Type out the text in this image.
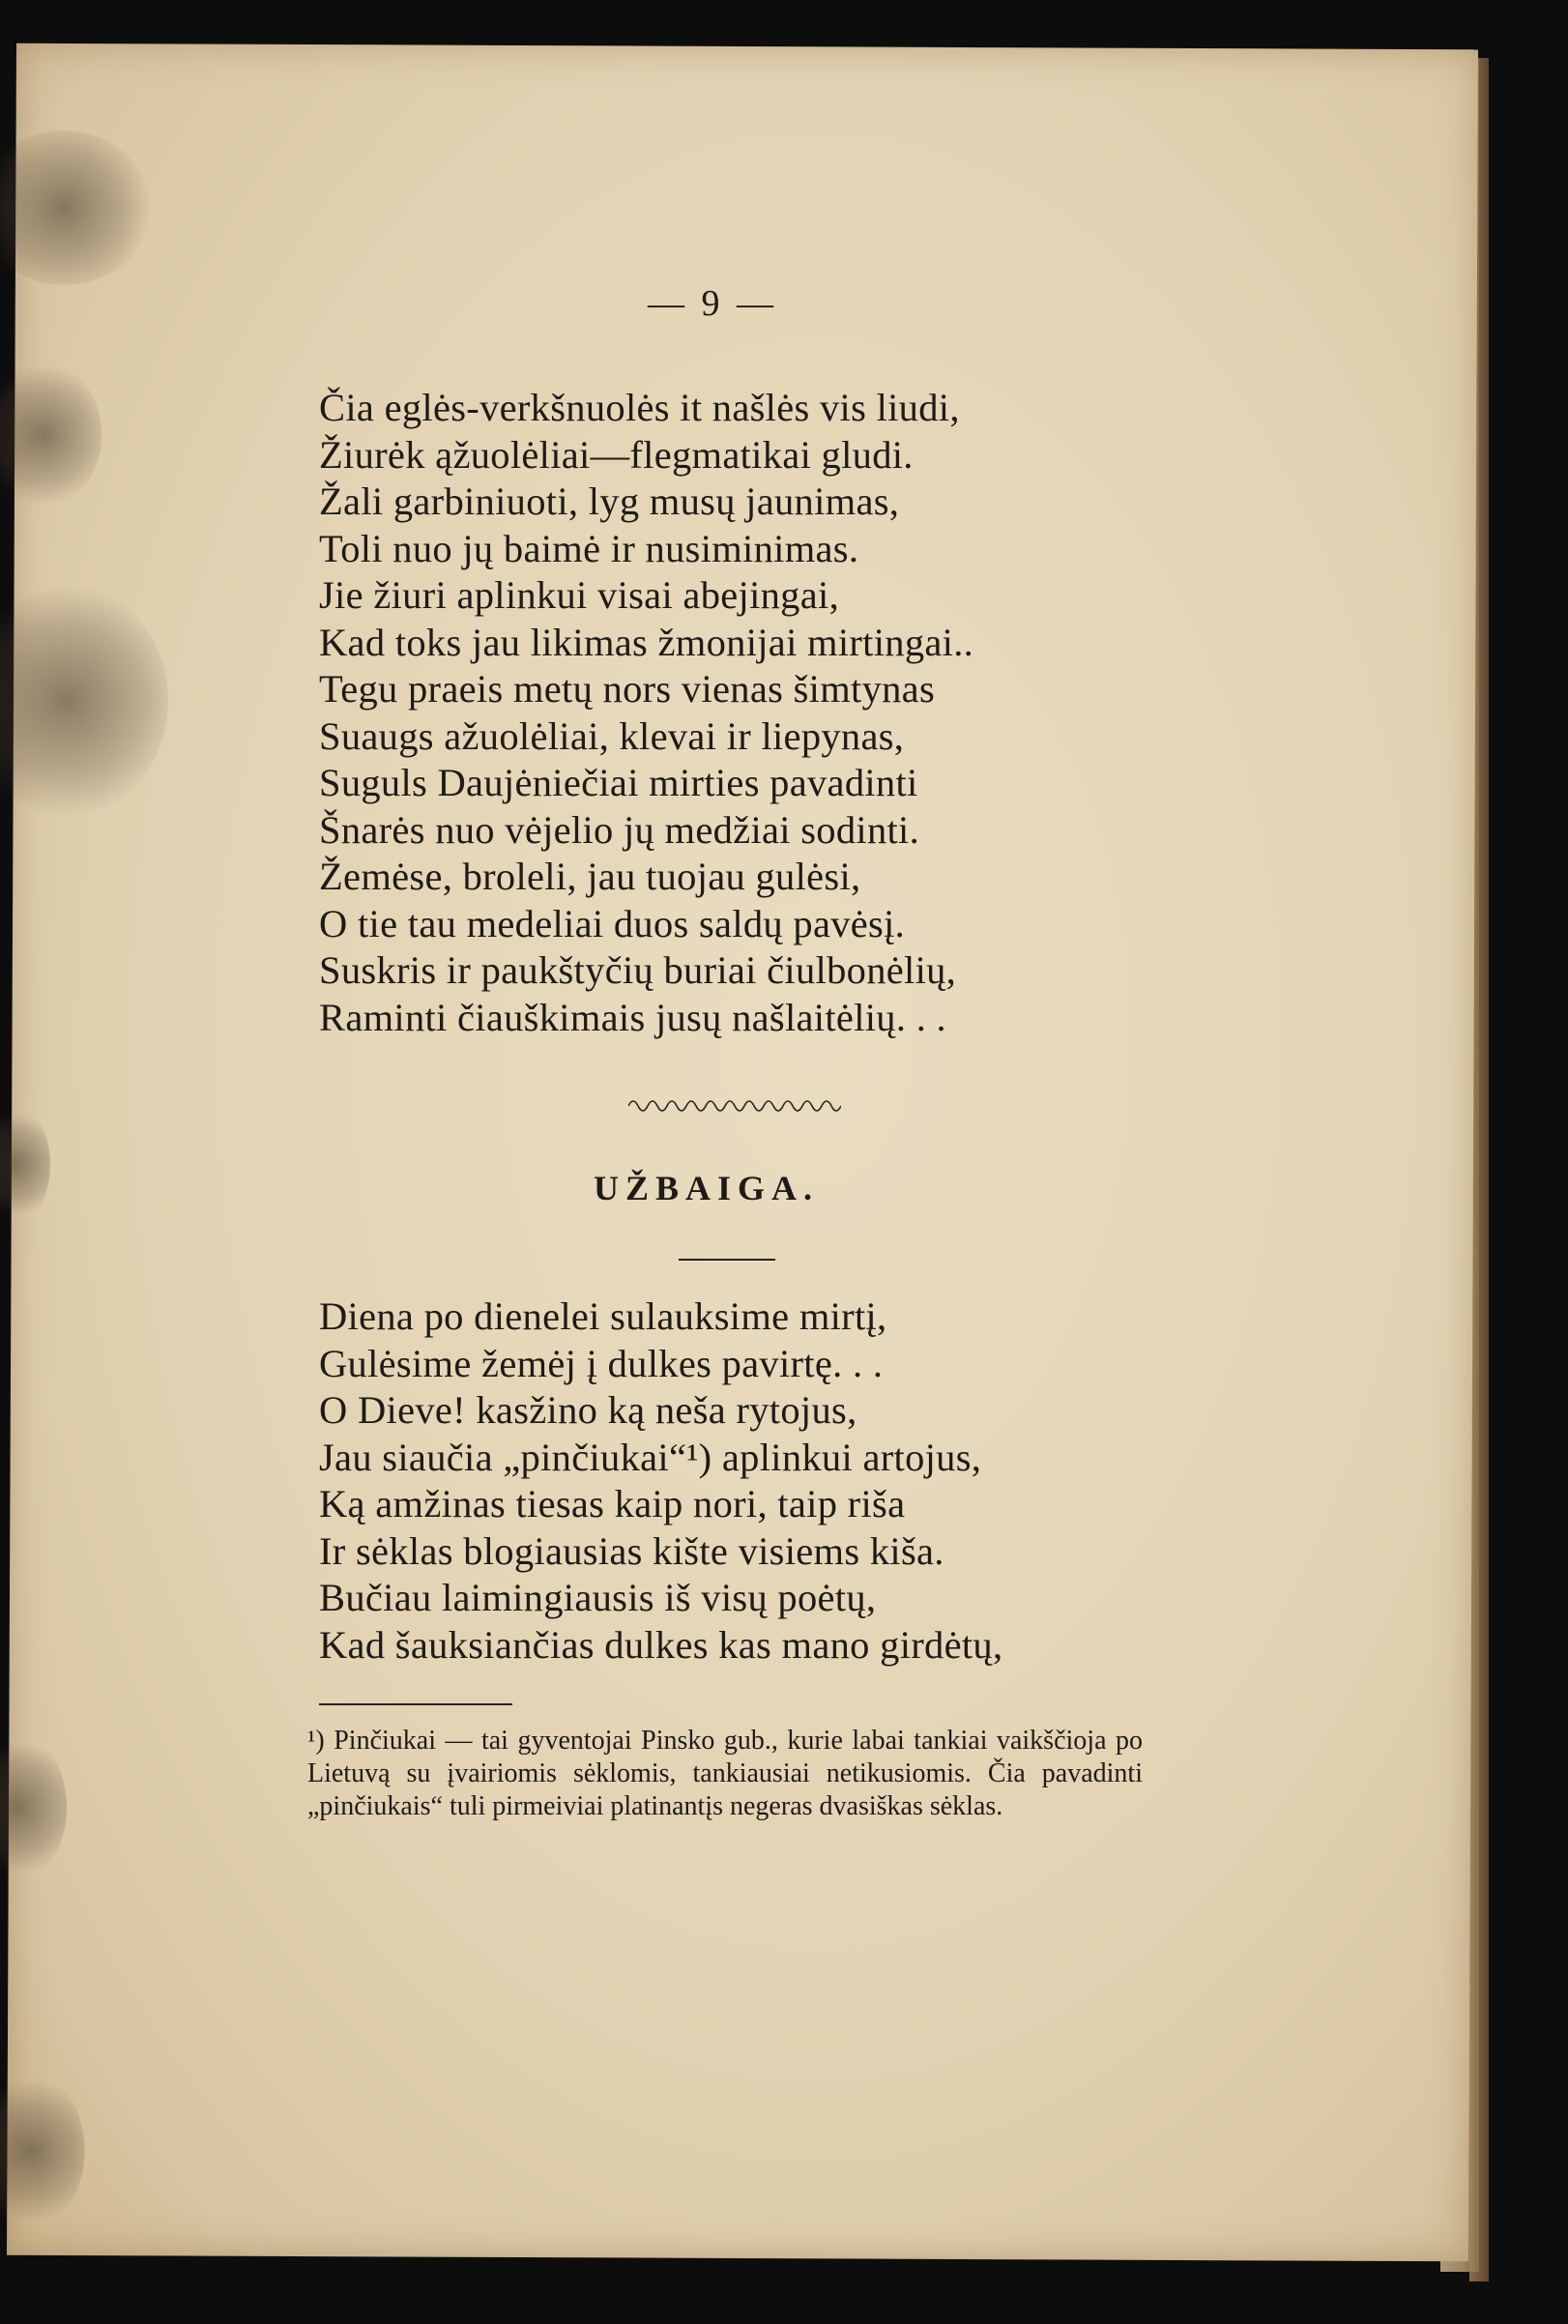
— 9 —
Čia eglės-verkšnuolės it našlės vis liudi,
Žiurėk ąžuolėliai—flegmatikai gludi.
Žali garbiniuoti, lyg musų jaunimas,
Toli nuo jų baimė ir nusiminimas.
Jie žiuri aplinkui visai abejingai,
Kad toks jau likimas žmonijai mirtingai..
Tegu praeis metų nors vienas šimtynas
Suaugs ažuolėliai, klevai ir liepynas,
Suguls Daujėniečiai mirties pavadinti
Šnarės nuo vėjelio jų medžiai sodinti.
Žemėse, broleli, jau tuojau gulėsi,
O tie tau medeliai duos saldų pavėsį.
Suskris ir paukštyčių buriai čiulbonėlių,
Raminti čiauškimais jusų našlaitėlių. . .
UŽBAIGA.
Diena po dienelei sulauksime mirtį,
Gulėsime žemėj į dulkes pavirtę. . .
O Dieve! kasžino ką neša rytojus,
Jau siaučia „pinčiukai“¹) aplinkui artojus,
Ką amžinas tiesas kaip nori, taip riša
Ir sėklas blogiausias kište visiems kiša.
Bučiau laimingiausis iš visų poėtų,
Kad šauksiančias dulkes kas mano girdėtų,
¹) Pinčiukai — tai gyventojai Pinsko gub., kurie labai tankiai vaikščioja po Lietuvą su įvairiomis sėklomis, tankiausiai netikusiomis. Čia pavadinti „pinčiukais“ tuli pirmeiviai platinantįs negeras dvasiškas sėklas.
